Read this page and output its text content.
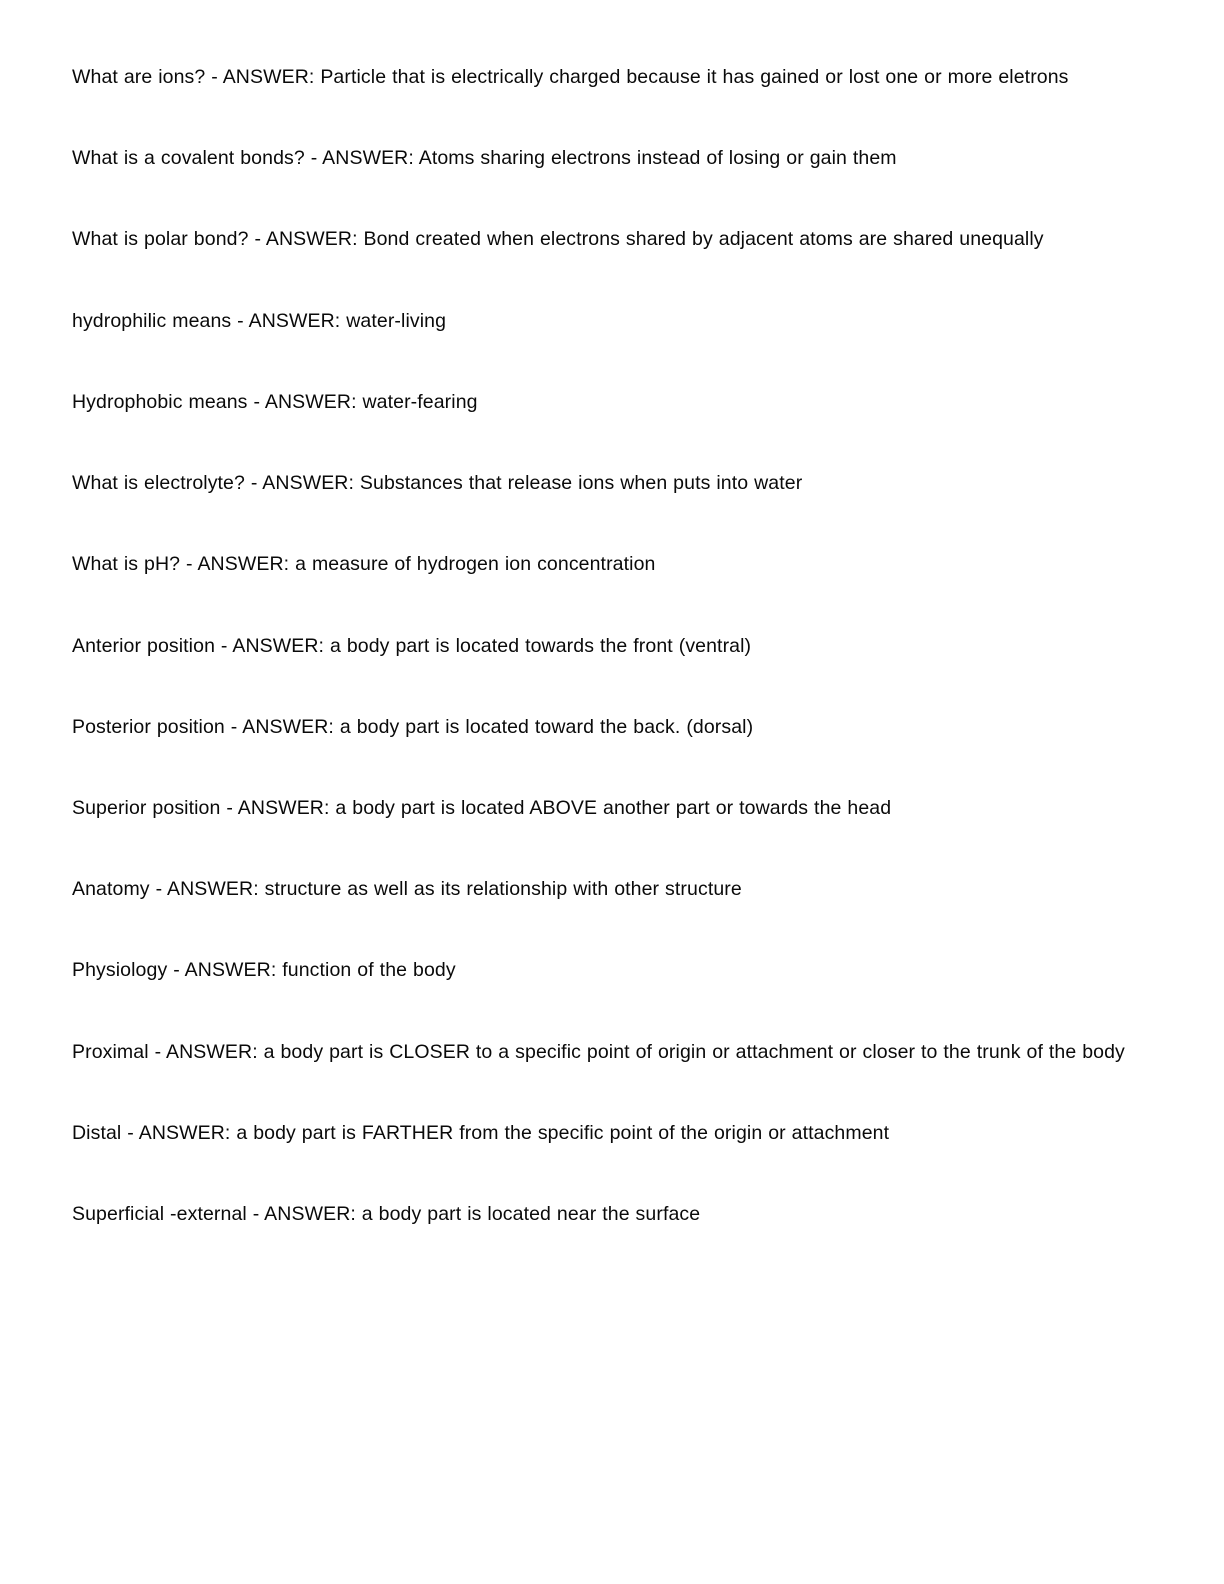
What are ions? - ANSWER: Particle that is electrically charged because it has gained or lost one or more eletrons

What is a covalent bonds? - ANSWER: Atoms sharing electrons instead of losing or gain them

What is polar bond? - ANSWER: Bond created when electrons shared by adjacent atoms are shared unequally

hydrophilic means - ANSWER: water-living

Hydrophobic means - ANSWER: water-fearing

What is electrolyte? - ANSWER: Substances that release ions when puts into water

What is pH? - ANSWER: a measure of hydrogen ion concentration

Anterior position - ANSWER: a body part is located towards the front (ventral)

Posterior position - ANSWER: a body part is located toward the back. (dorsal)

Superior position - ANSWER: a body part is located ABOVE another part or towards the head

Anatomy - ANSWER: structure as well as its relationship with other structure

Physiology - ANSWER: function of the body

Proximal - ANSWER: a body part is CLOSER to a specific point of origin or attachment or closer to the trunk of the body

Distal - ANSWER: a body part is FARTHER from the specific point of the origin or attachment

Superficial -external - ANSWER: a body part is located near the surface
